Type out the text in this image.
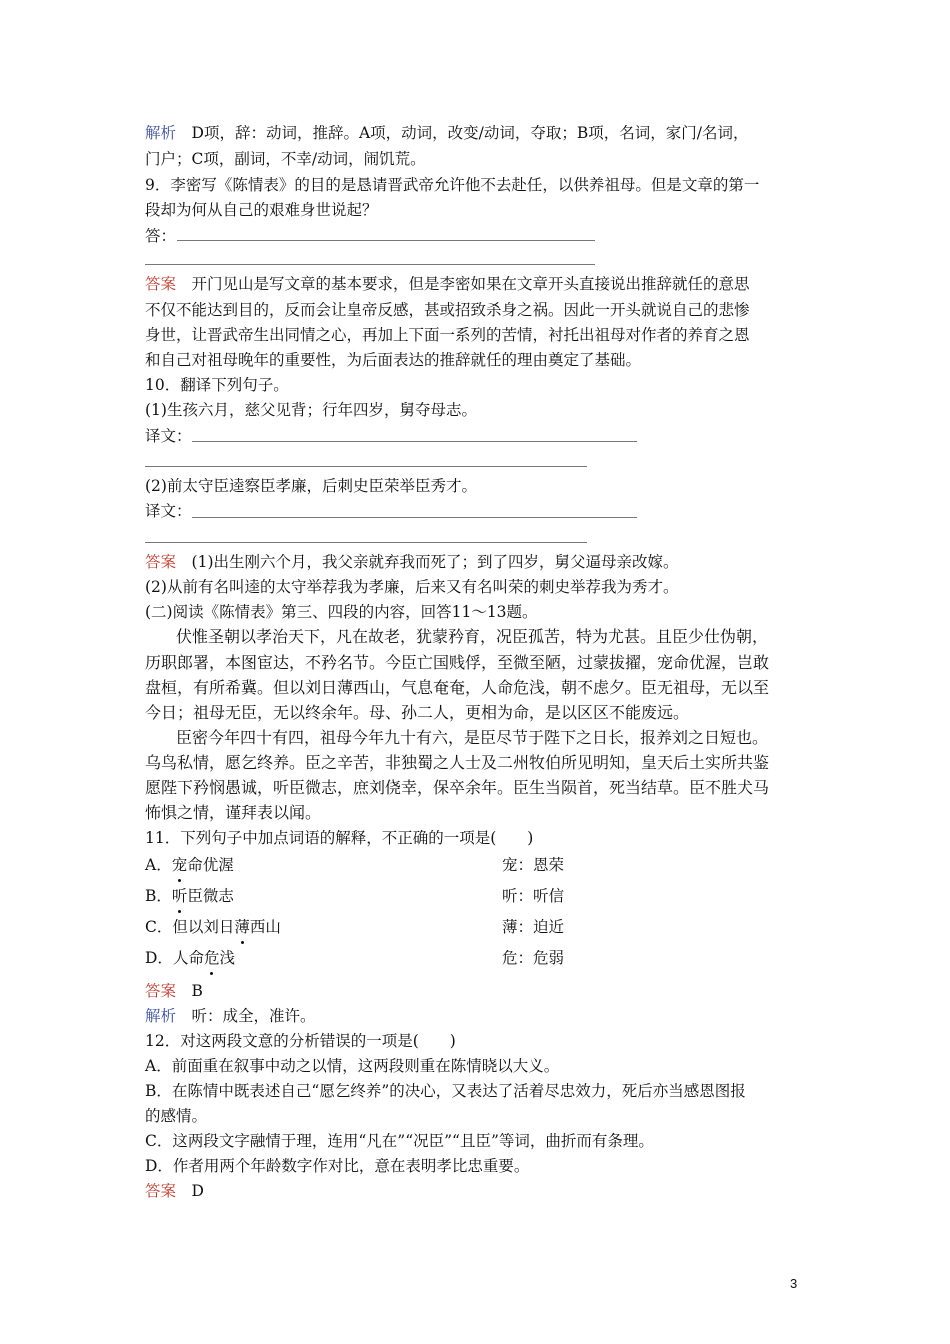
解析　 D项，辞：动词，推辞。A项，动词，改变/动词，夺取；B项，名词，家门/名词，
门户；C项，副词，不幸/动词，闹饥荒。
9．李密写《陈情表》的目的是恳请晋武帝允许他不去赴任，以供养祖母。但是文章的第一
段却为何从自己的艰难身世说起？
答：
答案　 开门见山是写文章的基本要求，但是李密如果在文章开头直接说出推辞就任的意思
不仅不能达到目的，反而会让皇帝反感，甚或招致杀身之祸。因此一开头就说自己的悲惨
身世，让晋武帝生出同情之心，再加上下面一系列的苦情，衬托出祖母对作者的养育之恩
和自己对祖母晚年的重要性，为后面表达的推辞就任的理由奠定了基础。
10．翻译下列句子。
(1)生孩六月，慈父见背；行年四岁，舅夺母志。
译文：
(2)前太守臣逵察臣孝廉，后刺史臣荣举臣秀才。
译文：
答案　 (1)出生刚六个月，我父亲就弃我而死了；到了四岁，舅父逼母亲改嫁。
(2)从前有名叫逵的太守举荐我为孝廉，后来又有名叫荣的刺史举荐我为秀才。
(二)阅读《陈情表》第三、四段的内容，回答11～13题。
伏惟圣朝以孝治天下，凡在故老，犹蒙矜育，况臣孤苦，特为尤甚。且臣少仕伪朝，
历职郎署，本图宦达，不矜名节。今臣亡国贱俘，至微至陋，过蒙拔擢，宠命优渥，岂敢
盘桓，有所希冀。但以刘日薄西山，气息奄奄，人命危浅，朝不虑夕。臣无祖母，无以至
今日；祖母无臣，无以终余年。母、孙二人，更相为命，是以区区不能废远。
臣密今年四十有四，祖母今年九十有六，是臣尽节于陛下之日长，报养刘之日短也。
乌鸟私情，愿乞终养。臣之辛苦，非独蜀之人士及二州牧伯所见明知，皇天后土实所共鉴
愿陛下矜悯愚诚，听臣微志，庶刘侥幸，保卒余年。臣生当陨首，死当结草。臣不胜犬马
怖惧之情，谨拜表以闻。
11．下列句子中加点词语的解释，不正确的一项是(　　)
A．宠命优渥	宠：恩荣
B．听臣微志	听：听信
C．但以刘日薄西山	薄：迫近
D．人命危浅	危：危弱
答案　 B
解析　 听：成全，准许。
12．对这两段文意的分析错误的一项是(　　)
A．前面重在叙事中动之以情，这两段则重在陈情晓以大义。
B．在陈情中既表述自己“愿乞终养”的决心，又表达了活着尽忠效力，死后亦当感恩图报
的感情。
C．这两段文字融情于理，连用“凡在”“况臣”“且臣”等词，曲折而有条理。
D．作者用两个年龄数字作对比，意在表明孝比忠重要。
答案　 D
3
